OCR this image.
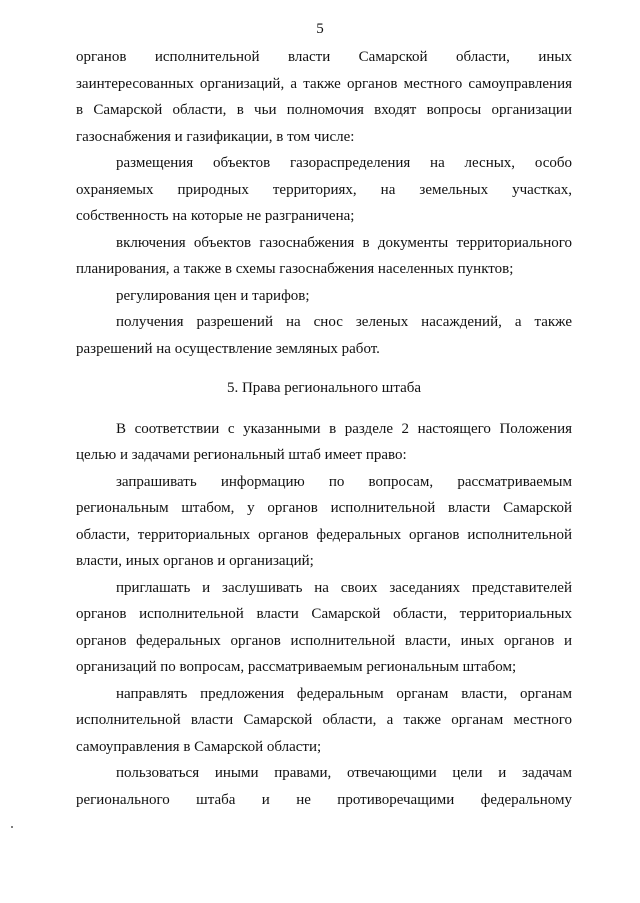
5

органов исполнительной власти Самарской области, иных
заинтересованных организаций, а также органов местного самоуправления
в Самарской области, в чьи полномочия входят вопросы организации
газоснабжения и газификации, в том числе:

размещения объектов газораспределения на лесных, особо
охраняемых природных территориях, на земельных участках,
собственность на которые не разграничена;

включения объектов газоснабжения в документы территориального
планирования, а также в схемы газоснабжения населенных пунктов;

регулирования цен и тарифов;

получения разрешений на снос зеленых насаждений, а также
разрешений на осуществление земляных работ.

5. Права регионального штаба

В соответствии с указанными в разделе 2 настоящего Положения
целью и задачами региональный штаб имеет право:

запрашивать информацию по вопросам, рассматриваемым
региональным штабом, у органов исполнительной власти Самарской
области, территориальных органов федеральных органов исполнительной
власти, иных органов и организаций;

приглашать и заслушивать на своих заседаниях представителей
органов исполнительной власти Самарской области, территориальных
органов федеральных органов исполнительной власти, иных органов и
организаций по вопросам, рассматриваемым региональным штабом;

направлять предложения федеральным органам власти, органам
исполнительной власти Самарской области, а также органам местного
самоуправления в Самарской области;

пользоваться иными правами, отвечающими цели и задачам
регионального штаба и не противоречащими федеральному
